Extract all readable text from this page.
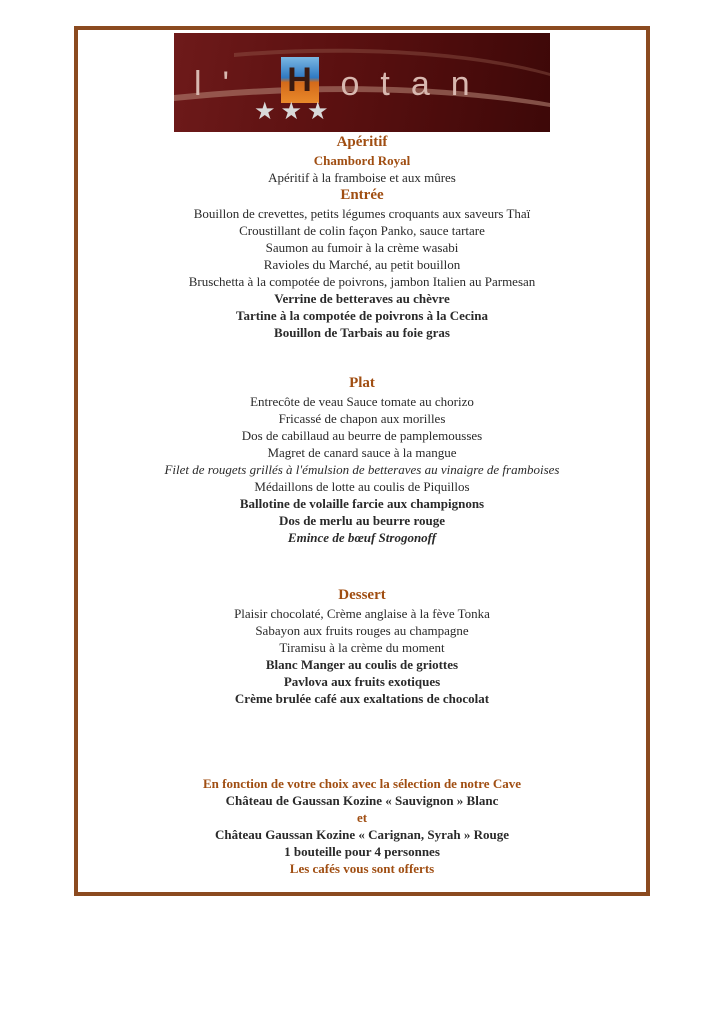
l' H otan
★★★
Apéritif
Chambord Royal
Apéritif à la framboise et aux mûres
Entrée
Bouillon de crevettes, petits légumes croquants aux saveurs Thaï
Croustillant de colin façon Panko, sauce tartare
Saumon au fumoir à la crème wasabi
Ravioles du Marché, au petit bouillon
Bruschetta à la compotée de poivrons, jambon Italien au Parmesan
Verrine de betteraves au chèvre
Tartine à la compotée de poivrons à la Cecina
Bouillon de Tarbais au foie gras
Plat
Entrecôte de veau Sauce tomate au chorizo
Fricassé de chapon aux morilles
Dos de cabillaud au beurre de pamplemousses
Magret de canard sauce à la mangue
Filet de rougets grillés à l'émulsion de betteraves au vinaigre de framboises
Médaillons de lotte au coulis de Piquillos
Ballotine de volaille farcie aux champignons
Dos de merlu au beurre rouge
Emince de bœuf Strogonoff
Dessert
Plaisir chocolaté, Crème anglaise à la fève Tonka
Sabayon aux fruits rouges au champagne
Tiramisu à la crème du moment
Blanc Manger au coulis de griottes
Pavlova aux fruits exotiques
Crème brulée café aux exaltations de chocolat
En fonction de votre choix avec la sélection de notre Cave
Château de Gaussan Kozine « Sauvignon » Blanc
et
Château Gaussan Kozine « Carignan, Syrah » Rouge
1 bouteille pour 4 personnes
Les cafés vous sont offerts
